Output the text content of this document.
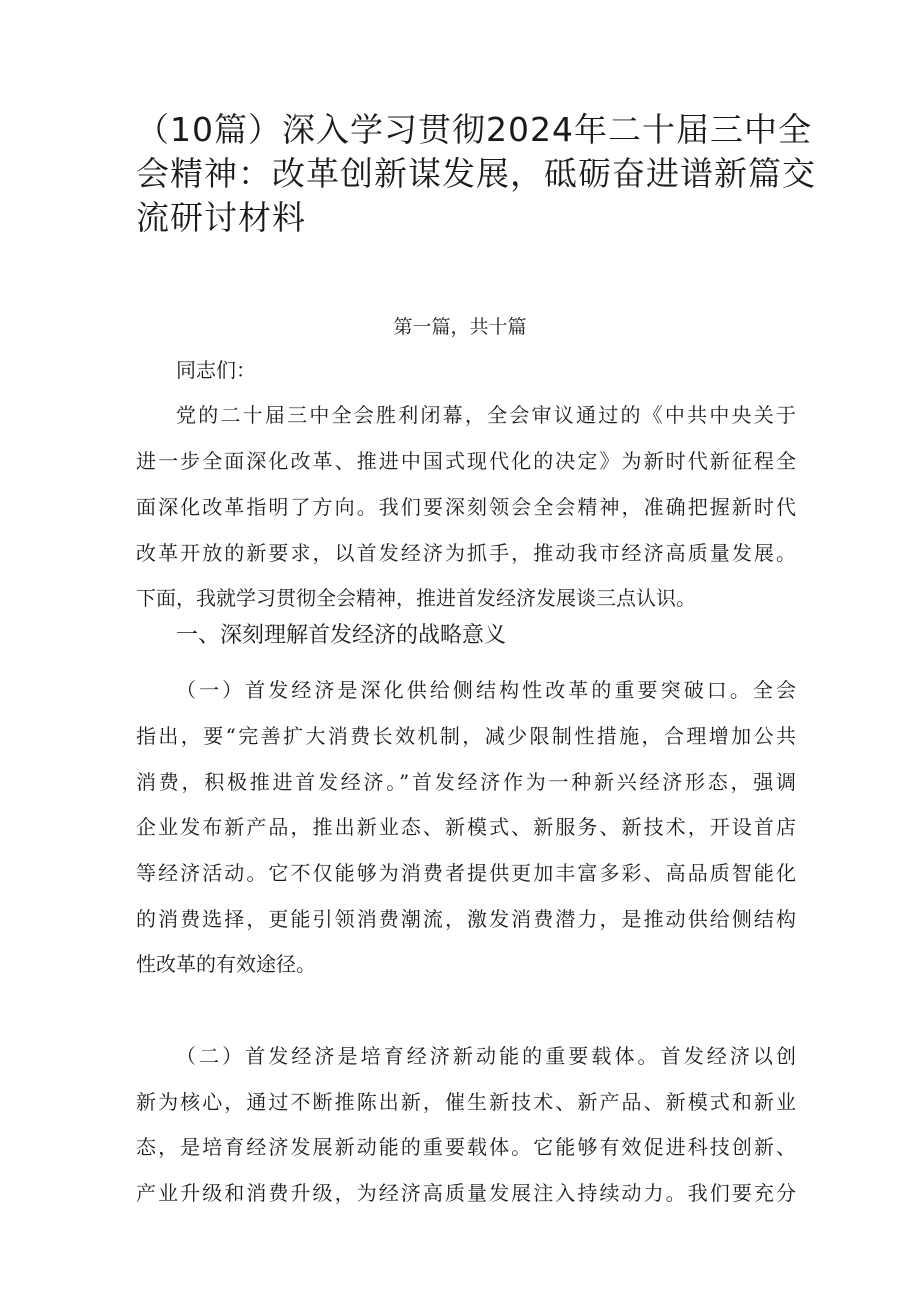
（10篇）深入学习贯彻2024年二十届三中全
会精神：改革创新谋发展，砥砺奋进谱新篇交
流研讨材料
第一篇，共十篇
同志们：
党的二十届三中全会胜利闭幕，全会审议通过的《中共中央关于
进一步全面深化改革、推进中国式现代化的决定》为新时代新征程全
面深化改革指明了方向。我们要深刻领会全会精神，准确把握新时代
改革开放的新要求，以首发经济为抓手，推动我市经济高质量发展。
下面，我就学习贯彻全会精神，推进首发经济发展谈三点认识。
一、深刻理解首发经济的战略意义
（一）首发经济是深化供给侧结构性改革的重要突破口。全会
指出，要“完善扩大消费长效机制，减少限制性措施，合理增加公共
消费，积极推进首发经济。”首发经济作为一种新兴经济形态，强调
企业发布新产品，推出新业态、新模式、新服务、新技术，开设首店
等经济活动。它不仅能够为消费者提供更加丰富多彩、高品质智能化
的消费选择，更能引领消费潮流，激发消费潜力，是推动供给侧结构
性改革的有效途径。
（二）首发经济是培育经济新动能的重要载体。首发经济以创
新为核心，通过不断推陈出新，催生新技术、新产品、新模式和新业
态，是培育经济发展新动能的重要载体。它能够有效促进科技创新、
产业升级和消费升级，为经济高质量发展注入持续动力。我们要充分
